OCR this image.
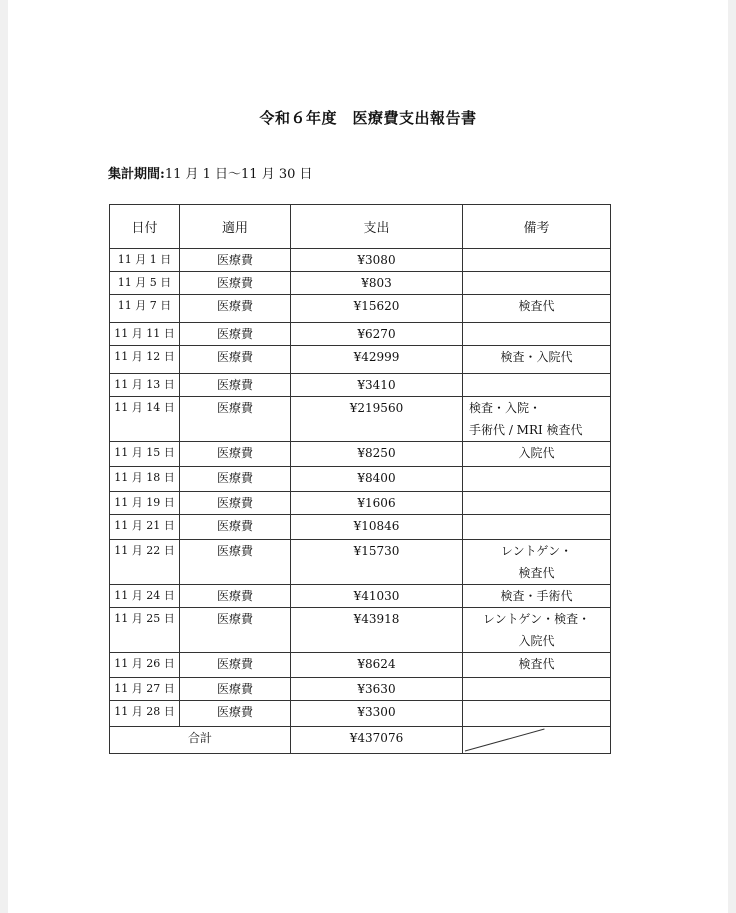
令和６年度　医療費支出報告書
集計期間:11 月 1 日〜11 月 30 日
日付	適用	支出	備考
11 月 1 日	医療費	¥3080	
11 月 5 日	医療費	¥803	
11 月 7 日	医療費	¥15620	検査代
11 月 11 日	医療費	¥6270	
11 月 12 日	医療費	¥42999	検査・入院代
11 月 13 日	医療費	¥3410	
11 月 14 日	医療費	¥219560	検査・入院・
手術代 / MRI 検査代

11 月 15 日	医療費	¥8250	入院代
11 月 18 日	医療費	¥8400	
11 月 19 日	医療費	¥1606	
11 月 21 日	医療費	¥10846	
11 月 22 日	医療費	¥15730	レントゲン・
検査代

11 月 24 日	医療費	¥41030	検査・手術代
11 月 25 日	医療費	¥43918	レントゲン・検査・
入院代

11 月 26 日	医療費	¥8624	検査代
11 月 27 日	医療費	¥3630	
11 月 28 日	医療費	¥3300	
合計		¥437076	
